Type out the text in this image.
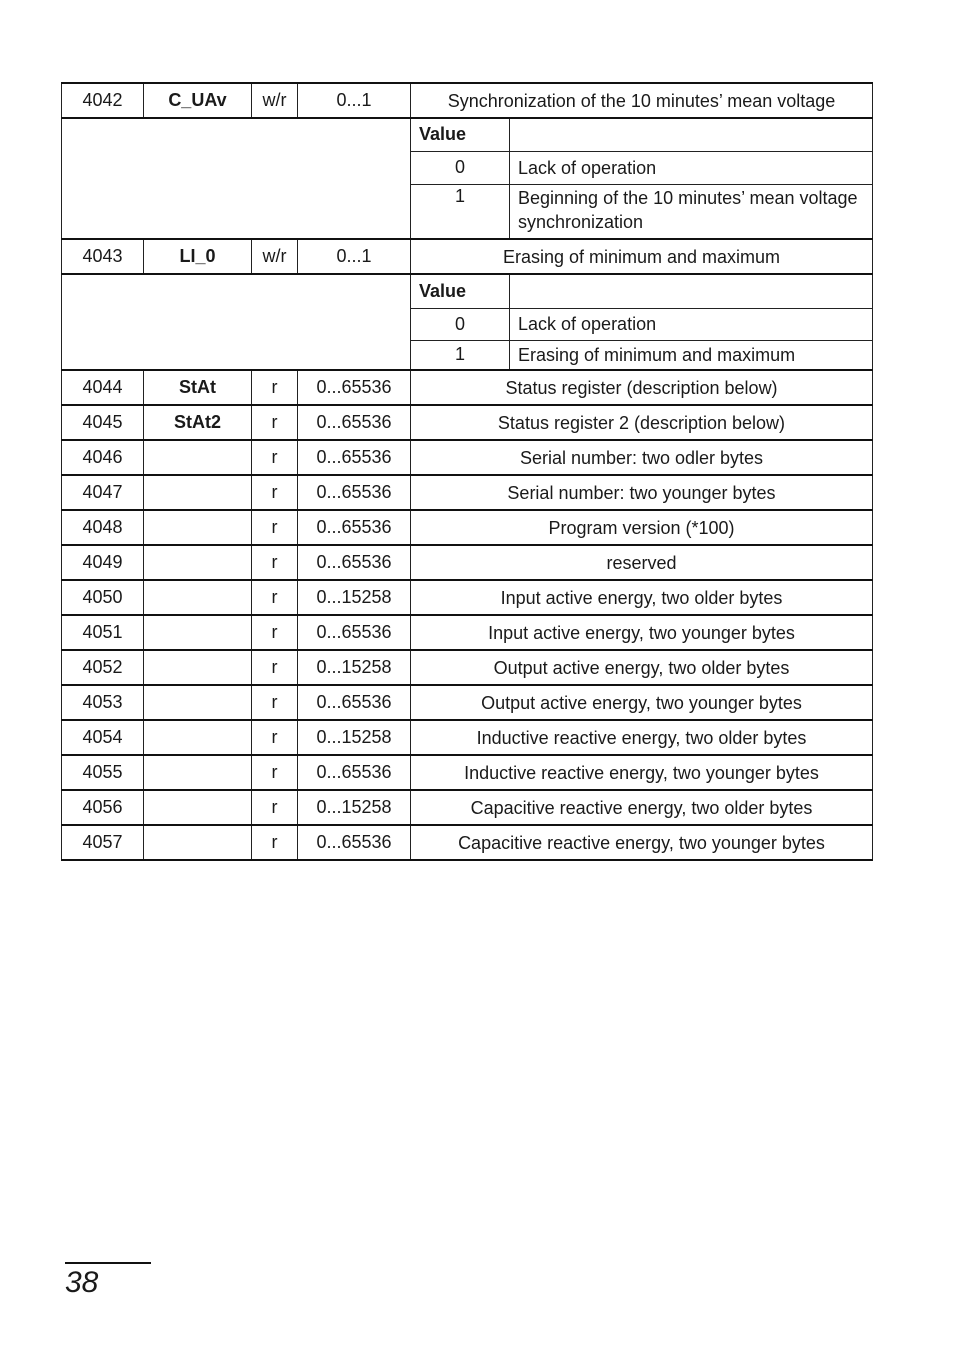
4042	C_UAv	w/r	0...1	Synchronization of the 10 minutes’ mean voltage

Value	
0	Lack of operation
1	Beginning of the 10 minutes’ mean voltage synchronization

4043	LI_0	w/r	0...1	Erasing of minimum and maximum

Value	
0	Lack of operation
1	Erasing of minimum and maximum

4044	StAt	r	0...65536	Status register (description below)
4045	StAt2	r	0...65536	Status register 2 (description below)
4046		r	0...65536	Serial number: two odler bytes
4047		r	0...65536	Serial number: two younger bytes
4048		r	0...65536	Program version (*100)
4049		r	0...65536	reserved
4050		r	0...15258	Input active energy, two older bytes
4051		r	0...65536	Input active energy, two younger bytes
4052		r	0...15258	Output active energy, two older bytes
4053		r	0...65536	Output active energy, two younger bytes
4054		r	0...15258	Inductive reactive energy, two older bytes
4055		r	0...65536	Inductive reactive energy, two younger bytes
4056		r	0...15258	Capacitive reactive energy, two older bytes
4057		r	0...65536	Capacitive reactive energy, two younger bytes
38
